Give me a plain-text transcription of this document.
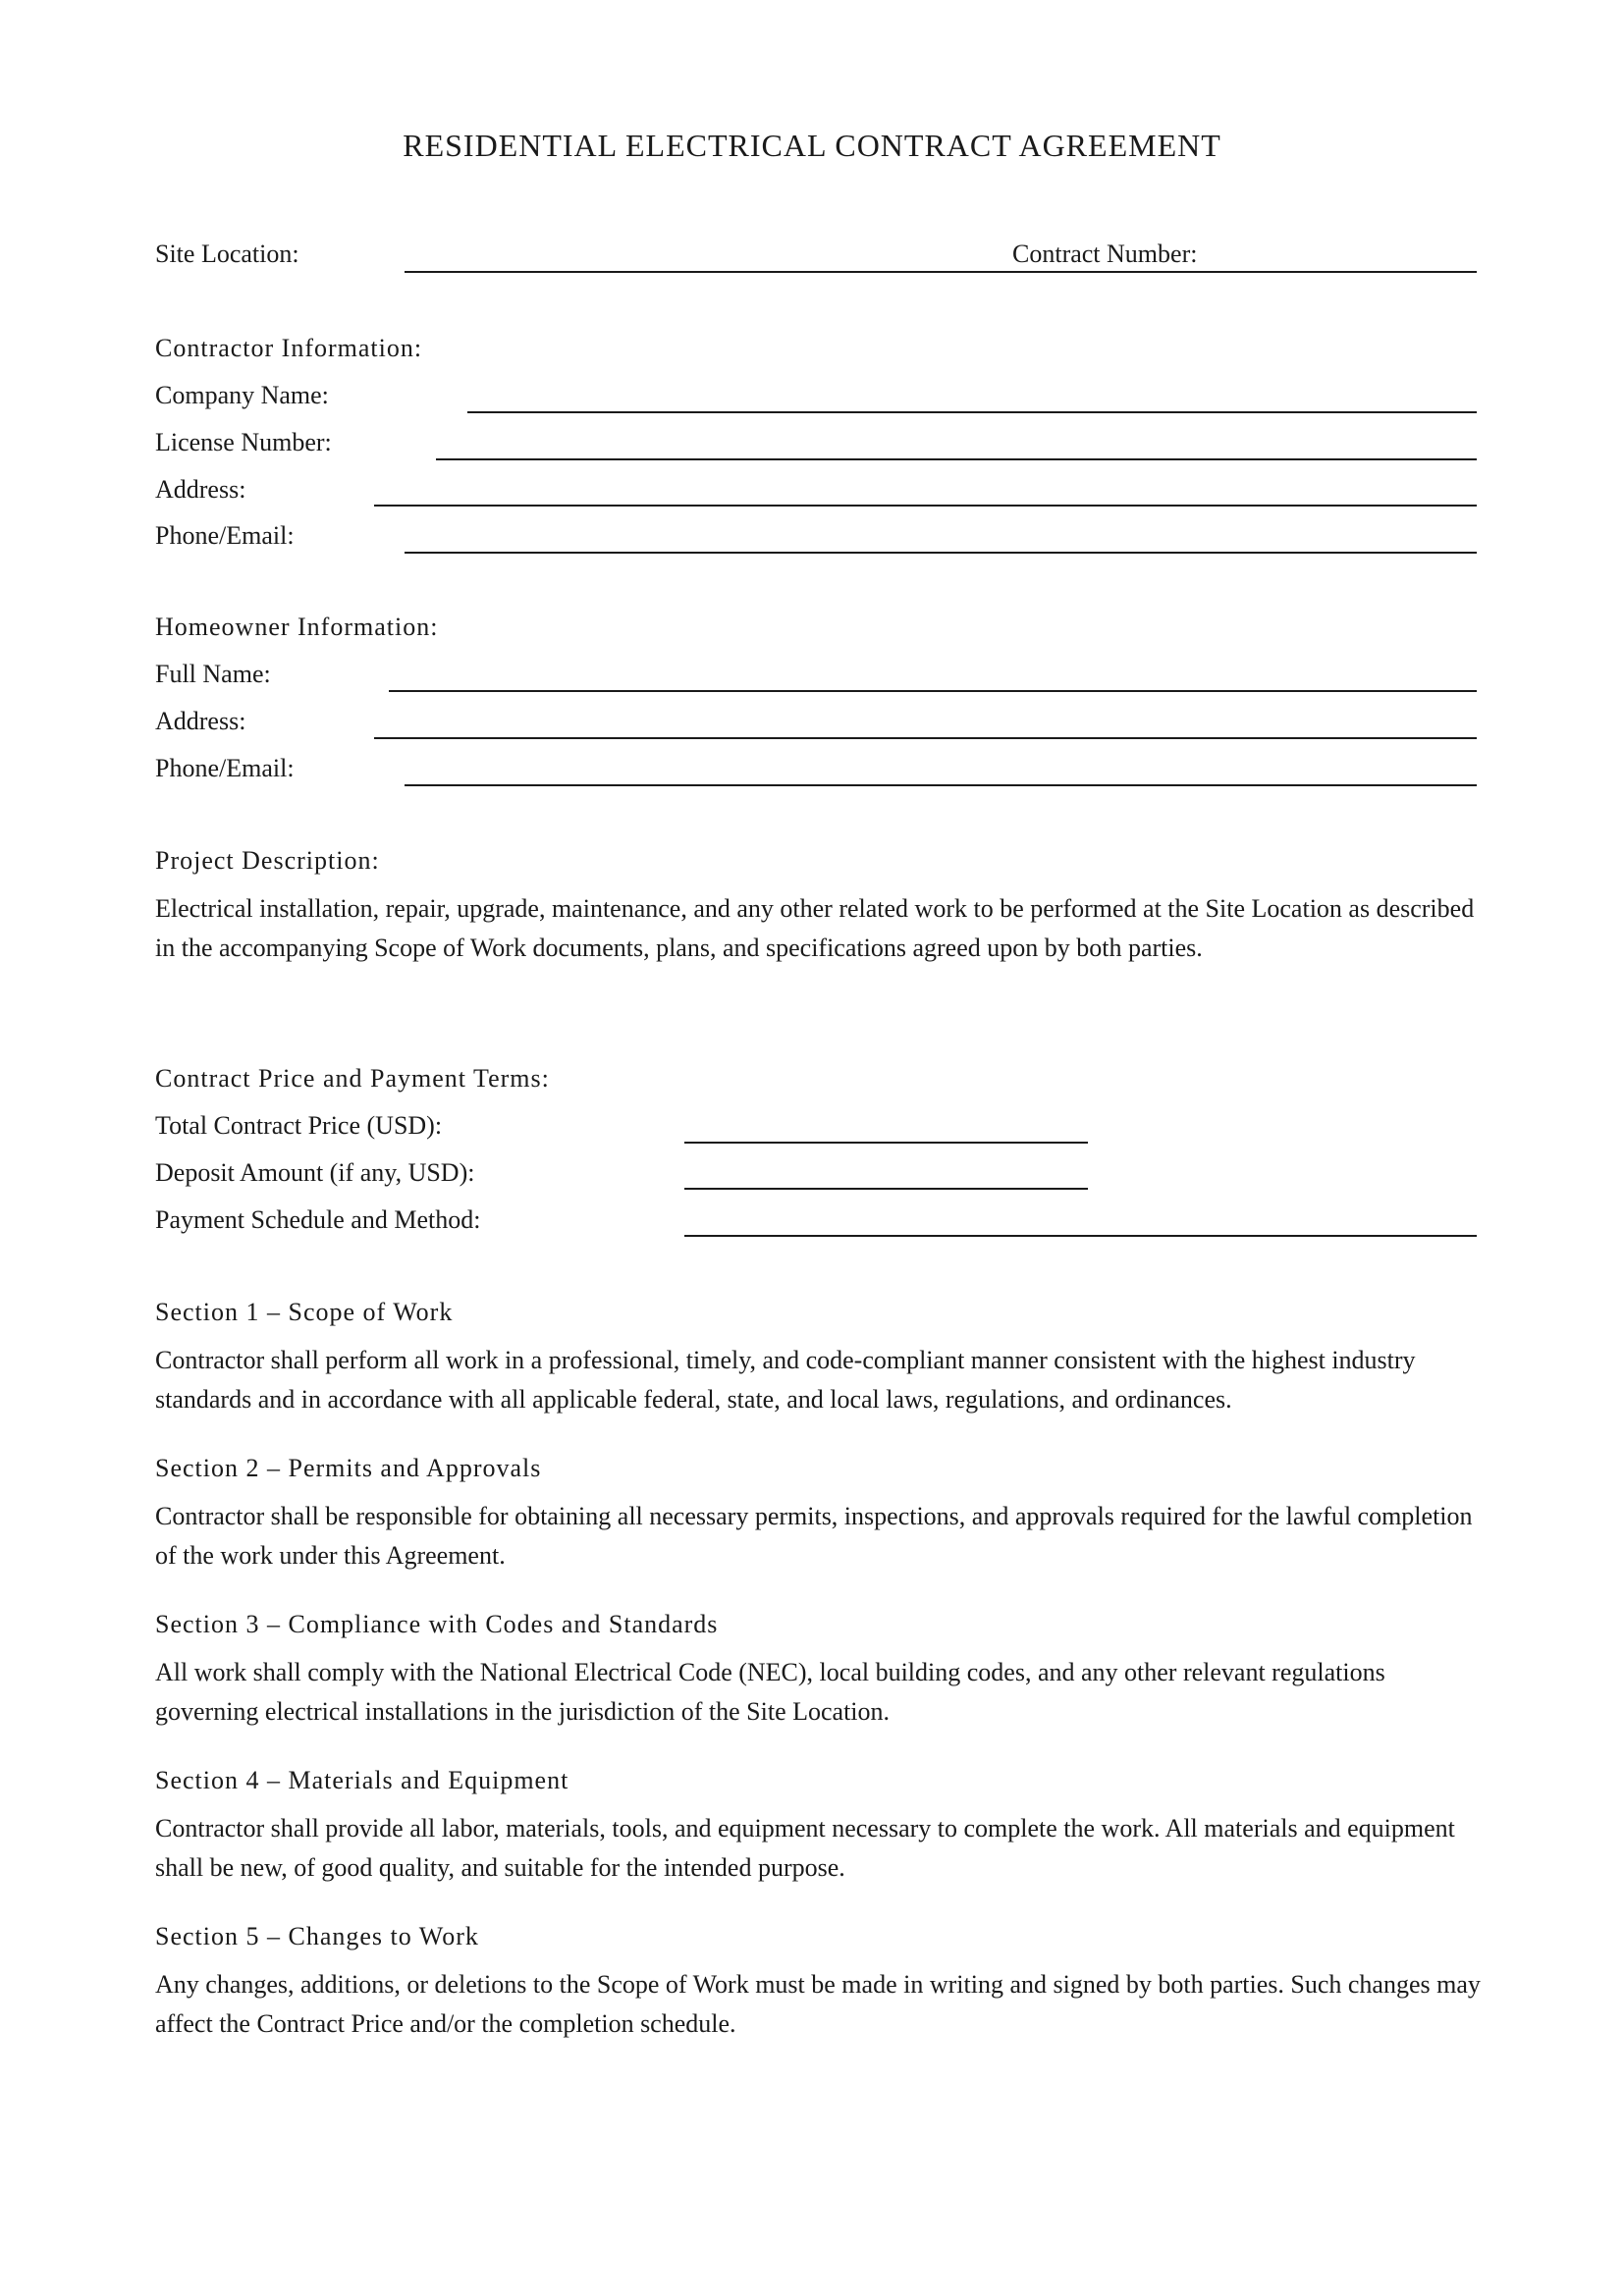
RESIDENTIAL ELECTRICAL CONTRACT AGREEMENT
Site Location:	Contract Number:
Contractor Information:
Company Name:
License Number:
Address:
Phone/Email:
Homeowner Information:
Full Name:
Address:
Phone/Email:
Project Description:
Electrical installation, repair, upgrade, maintenance, and any other related work to be performed at the Site Location as described in the accompanying Scope of Work documents, plans, and specifications agreed upon by both parties.
Contract Price and Payment Terms:
Total Contract Price (USD):
Deposit Amount (if any, USD):
Payment Schedule and Method:
Section 1 – Scope of Work
Contractor shall perform all work in a professional, timely, and code-compliant manner consistent with the highest industry standards and in accordance with all applicable federal, state, and local laws, regulations, and ordinances.
Section 2 – Permits and Approvals
Contractor shall be responsible for obtaining all necessary permits, inspections, and approvals required for the lawful completion of the work under this Agreement.
Section 3 – Compliance with Codes and Standards
All work shall comply with the National Electrical Code (NEC), local building codes, and any other relevant regulations governing electrical installations in the jurisdiction of the Site Location.
Section 4 – Materials and Equipment
Contractor shall provide all labor, materials, tools, and equipment necessary to complete the work. All materials and equipment shall be new, of good quality, and suitable for the intended purpose.
Section 5 – Changes to Work
Any changes, additions, or deletions to the Scope of Work must be made in writing and signed by both parties. Such changes may affect the Contract Price and/or the completion schedule.
